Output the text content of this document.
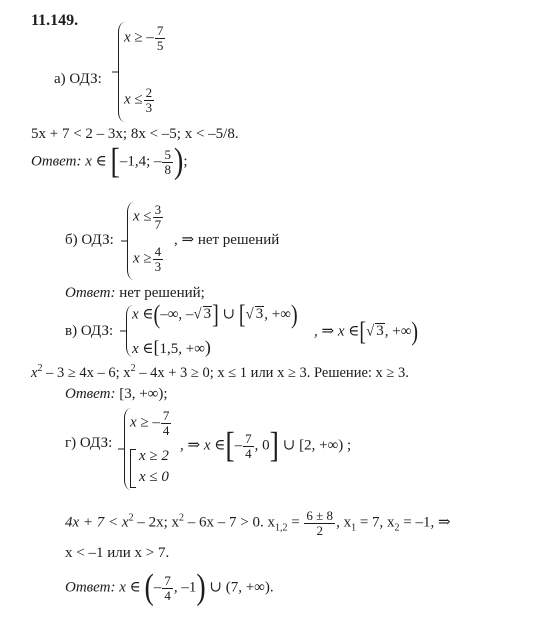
11.149.
а) ОДЗ:
x ≥ – $\frac{7}{5}$
$x \le \frac{2}{3}$
5x + 7 < 2 – 3x; 8x < –5; x < –5/8.
Ответ: x ∈ [–1,4; – $\frac{5}{8}$ );
б) ОДЗ:
$x \le \frac{3}{7}$
$x \ge \frac{4}{3}$
, ⇒ нет решений
Ответ: нет решений;
в) ОДЗ:
x ∈(–∞, –√ 3] ∪ [√ 3, +∞)
x ∈[1,5, +∞)
, ⇒ x ∈[√ 3, +∞)
$x^2 - 3 \ge 4x - 6$; $x^2 - 4x + 3 \ge 0$; x ≤ 1 или x ≥ 3. Решение: x ≥ 3.
Ответ: [3, +∞);
г) ОДЗ:
x ≥ – $\frac{7}{4}$
x ≥ 2
x ≤ 0
, ⇒ x ∈[– $\frac{7}{4}$ , 0] ∪ [2, +∞) ;
$4x + 7 < x^2 - 2x$; $x^2 - 6x - 7 > 0$. $x_{1,2} = \frac{6 \pm 8}{2}$ , $x_1 = 7$, $x_2 = -1$, ⇒
x < –1 или x > 7.
Ответ: x ∈ (– $\frac{7}{4}$ , –1) ∪ (7, +∞).
